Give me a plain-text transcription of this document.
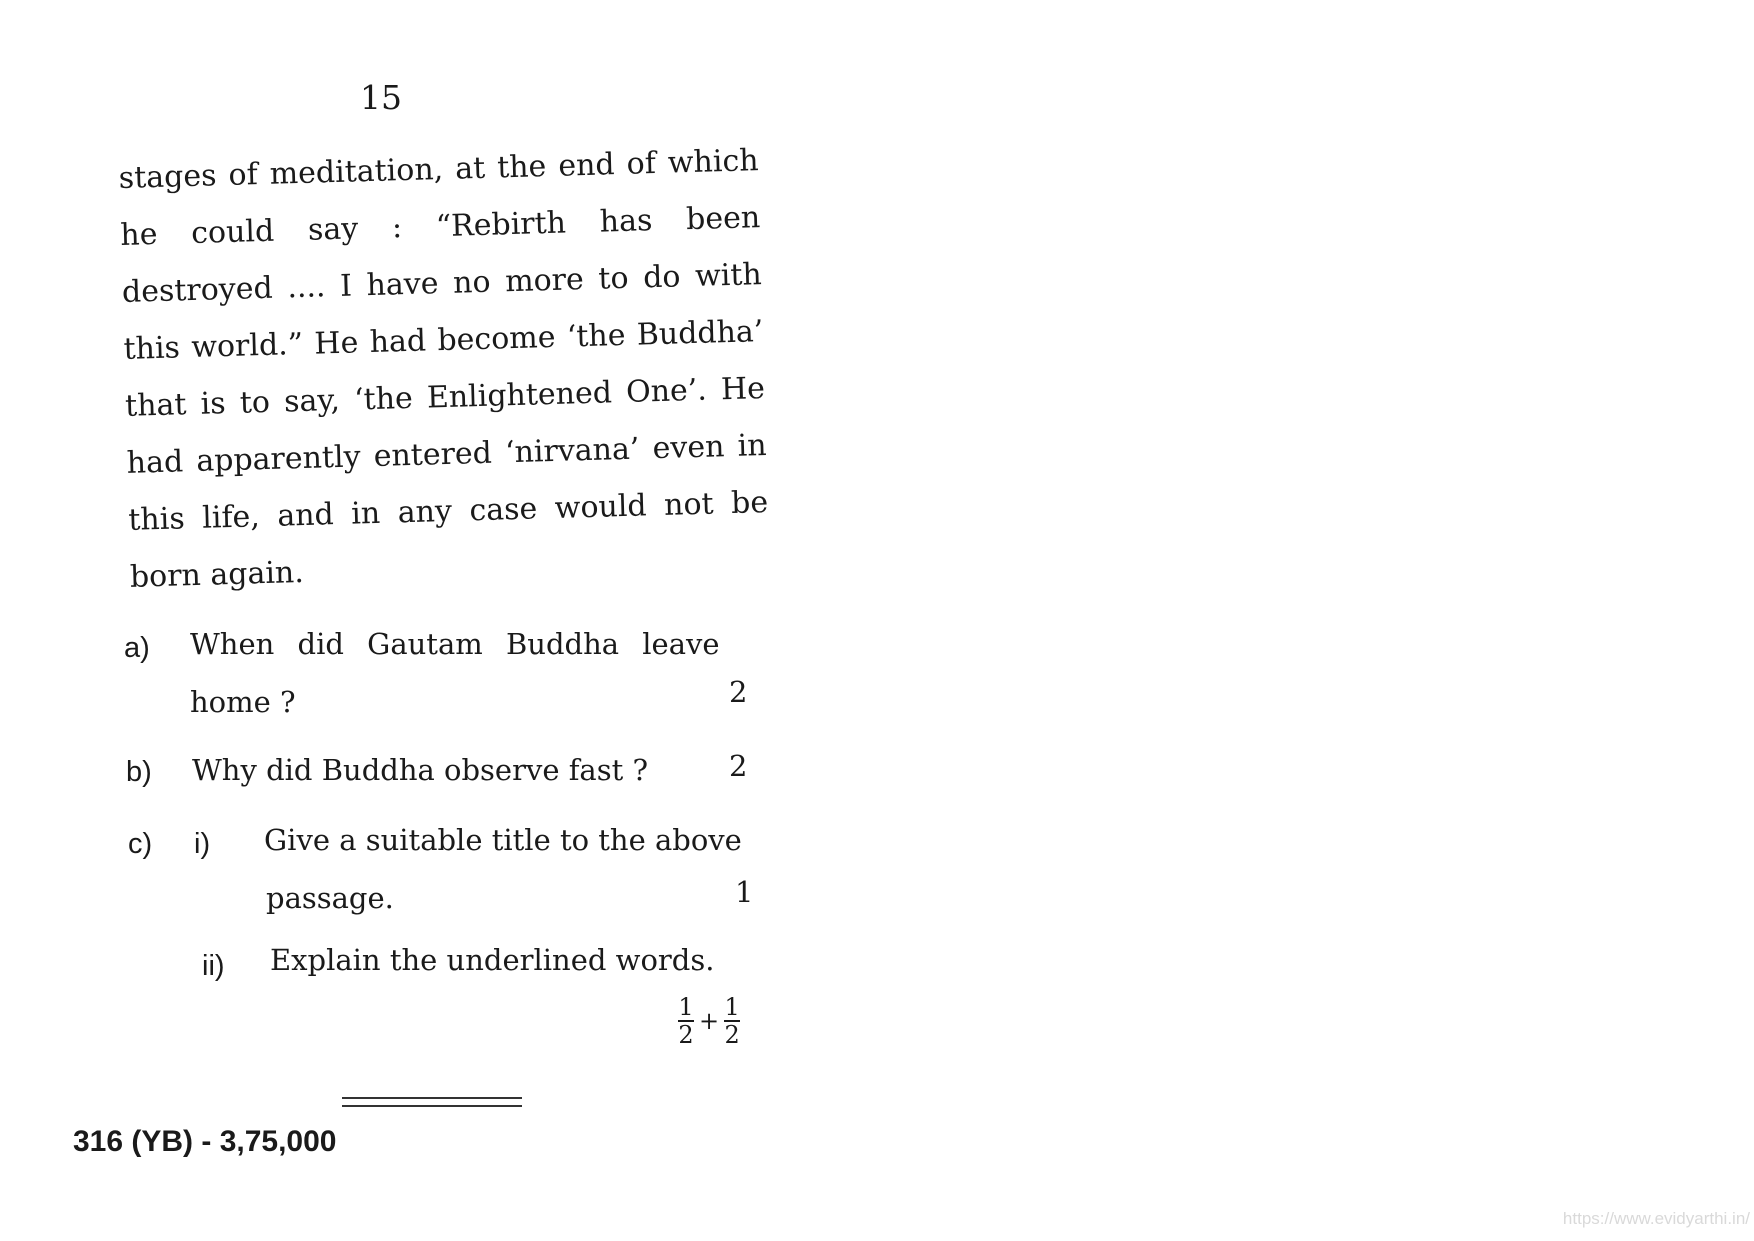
15
stages of meditation, at the end of which
he could say : “Rebirth has been
destroyed .... I have no more to do with
this world.” He had become ‘the Buddha’
that is to say, ‘the Enlightened One’. He
had apparently entered ‘nirvana’ even in
this life, and in any case would not be
born again.
a) When did Gautam Buddha leave
home ?	2
b) Why did Buddha observe fast ?	2
c) i) Give a suitable title to the above
passage.	1
ii) Explain the underlined words.
$\frac{1}{2} + \frac{1}{2}$
316 (YB) - 3,75,000
https://www.evidyarthi.in/
